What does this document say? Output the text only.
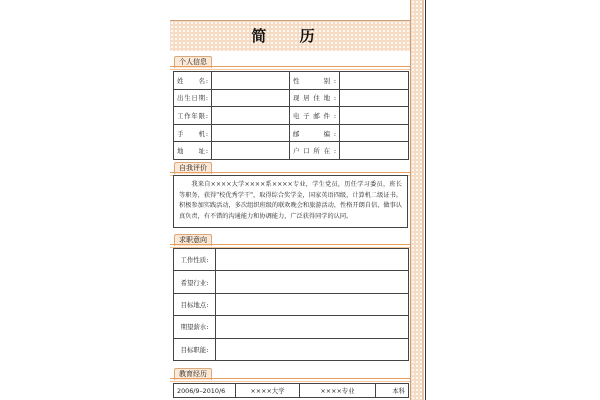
简 历
个人信息
姓　　名:		性　　别:	
出生日期:		现居住地:	
工作年限:		电子邮件:	
手　　机:		邮　　编:	
地　　址:		户口所在:	
自我评价

我来自××××大学××××系××××专业，学生党员，历任学习委员，班长等职务，获得"校优秀学干"，取得综合奖学金，国家英语四级，计算机二级证书。积极参加实践活动，多次组织班级的联欢晚会和旅游活动，性格开朗自信，做事认真负责，有不错的沟通能力和协调能力，广泛获得同学的认同。

求职意向
工作性质:	
希望行业:	
目标地点:	
期望薪水:	
目标职能:	
教育经历
2006/9–2010/6	××××大学	××××专业	本科
